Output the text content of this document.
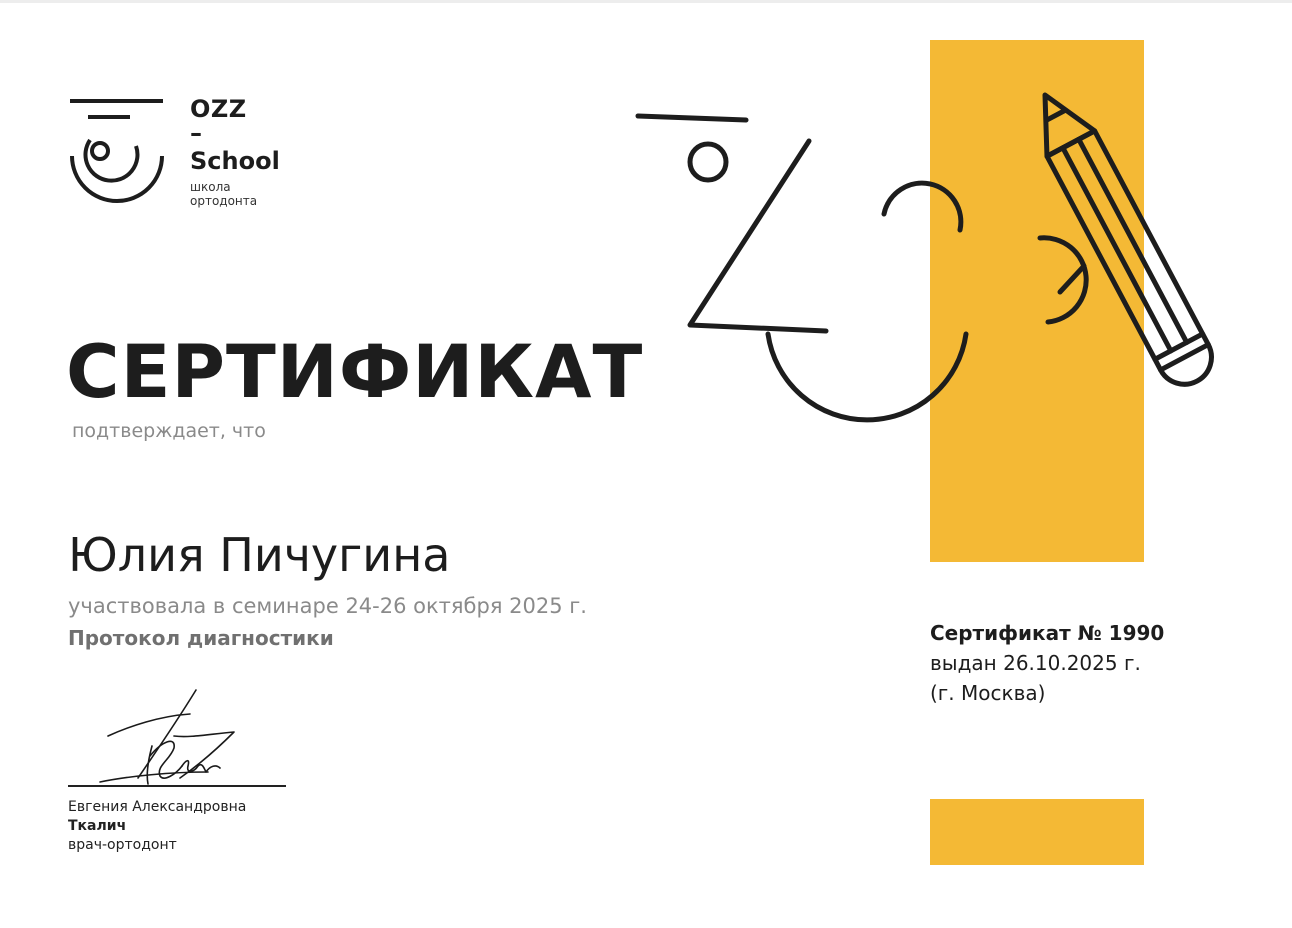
OZZ
–
School
школа
ортодонта
СЕРТИФИКАТ
подтверждает, что
Юлия Пичугина
участвовала в семинаре 24-26 октября 2025 г.
Протокол диагностики
Евгения Александровна
Ткалич
врач-ортодонт
Сертификат № 1990
выдан 26.10.2025 г.
(г. Москва)
